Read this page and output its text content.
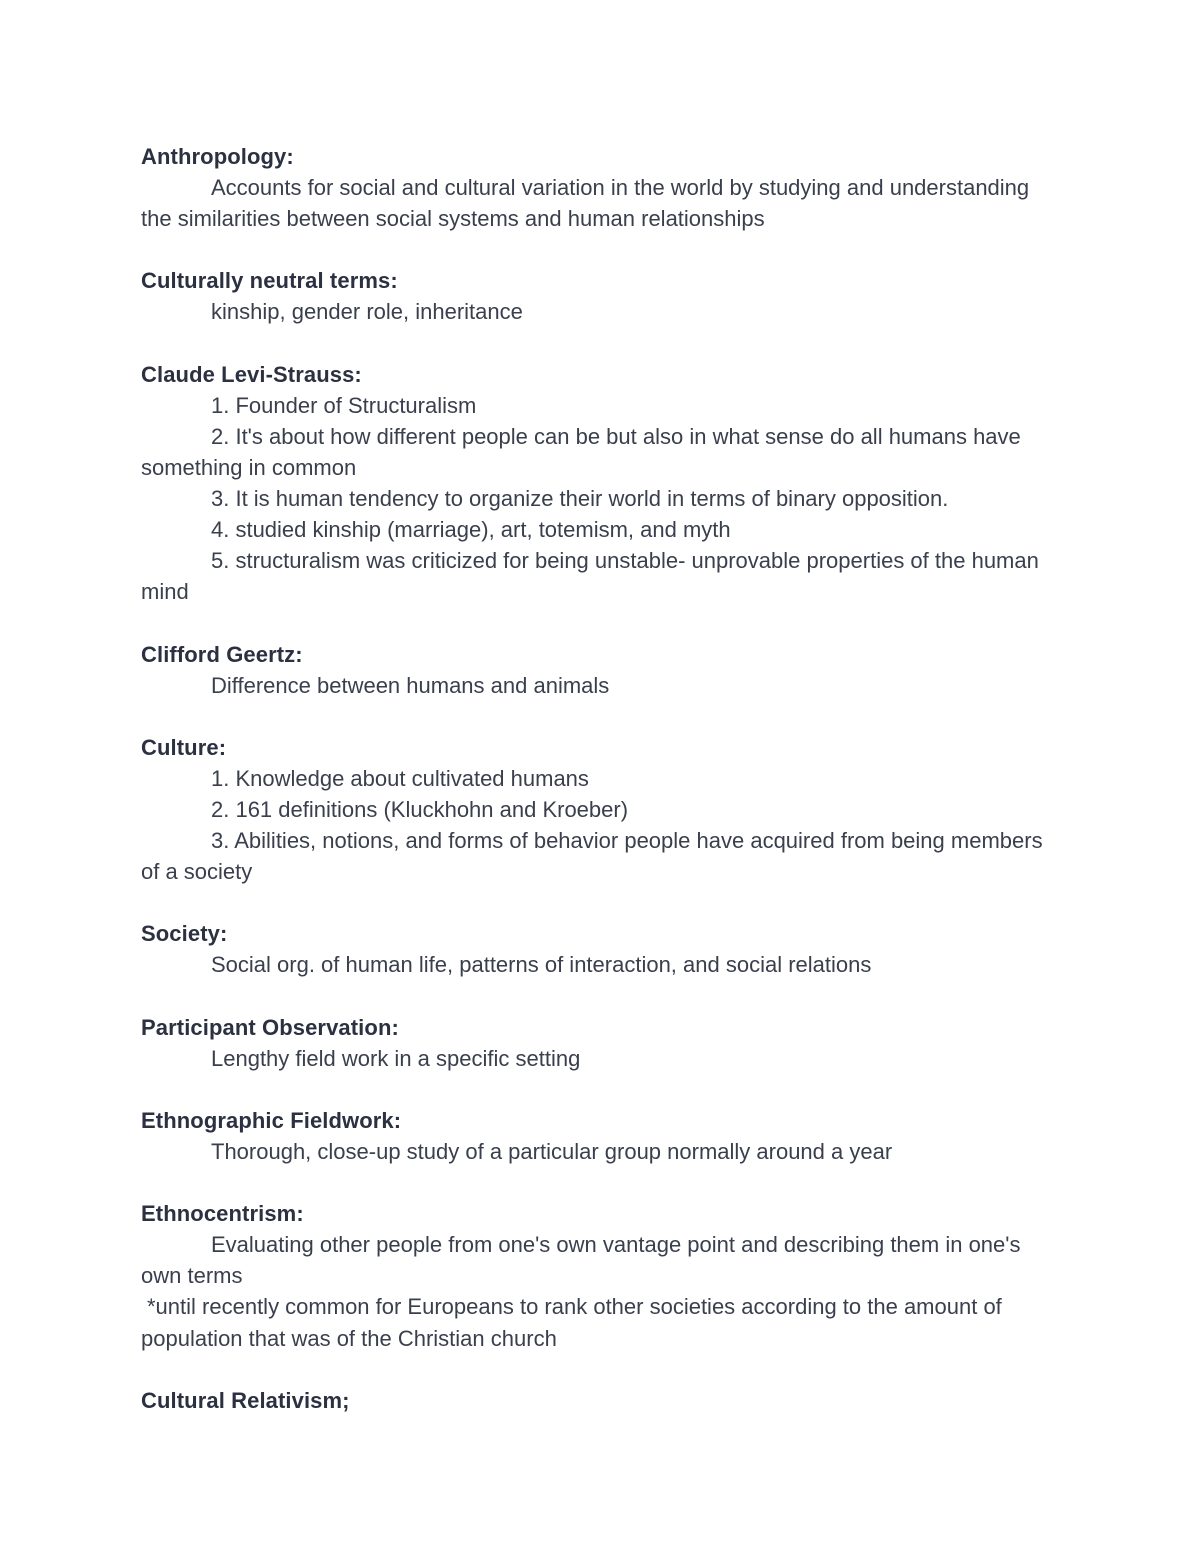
Anthropology:
Accounts for social and cultural variation in the world by studying and understanding the similarities between social systems and human relationships
Culturally neutral terms:
kinship, gender role, inheritance
Claude Levi-Strauss:
1. Founder of Structuralism
2. It's about how different people can be but also in what sense do all humans have something in common
3. It is human tendency to organize their world in terms of binary opposition.
4. studied kinship (marriage), art, totemism, and myth
5. structuralism was criticized for being unstable- unprovable properties of the human mind
Clifford Geertz:
Difference between humans and animals
Culture:
1. Knowledge about cultivated humans
2. 161 definitions (Kluckhohn and Kroeber)
3. Abilities, notions, and forms of behavior people have acquired from being members of a society
Society:
Social org. of human life, patterns of interaction, and social relations
Participant Observation:
Lengthy field work in a specific setting
Ethnographic Fieldwork:
Thorough, close-up study of a particular group normally around a year
Ethnocentrism:
Evaluating other people from one's own vantage point and describing them in one's own terms
*until recently common for Europeans to rank other societies according to the amount of population that was of the Christian church
Cultural Relativism;
